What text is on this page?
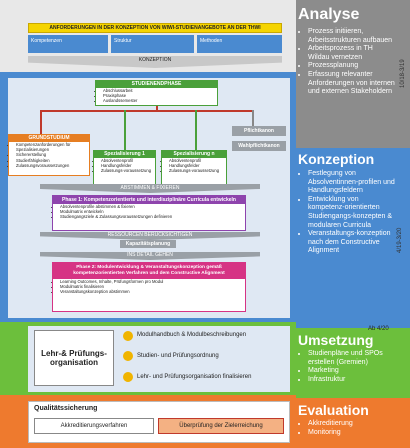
ANFORDERUNGEN IN DER KONZEPTION VON WIWI-STUDIENANGEBOTE AN DER THWI
Kompetenzen	Struktur	Methoden
KONZEPTION
STUDIENENDPHASE
• Abschlussarbeit
• Praxisphase
• Auslandssemester
GRUNDSTUDIUM
• Kompetenzanforderungen für Spezialisierungen
• Sichererstellung
• Studierfähigkeiten
• Zulassungsvoraussetzungen
Spezialisierung 1
• Absolventenprofil
• Handlungsfelder
• Zulassungs-voraussetzung
Spezialisierung n
• Absolventenprofil
• Handlungsfelder
• Zulassungs-voraussetzung
Pflichtkanon
Wahlpflichtkanon
ABSTIMMEN & FIXIEREN
Phase 1: Kompetenzorientierte und interdisziplinäre Curricula entwickeln
• Absolventenprofile abstimmen & fixieren
• Modulmatrix entwickeln
• Studiengangsziele & Zulassungsvoraussetzungen definieren
RESSOURCEN BERÜCKSICHTIGEN
Kapazitätsplanung
INS DETAIL GEHEN
Phase 2: Modulentwicklung & Veranstaltungskonzeption gemäß kompetenzorientierten Verfahren und dem Constructive Alignment
• Learning Outcomes, Inhalte, Prüfungsformen pro Modul
• Modulmatrix finalisieren
• Veranstaltungskonzeption abstimmen
Lehr-& Prüfungs-organisation
Modulhandbuch & Modulbeschreibungen
Studien- und Prüfungsordnung
Lehr- und Prüfungsorganisation finalisieren
Qualitätssicherung
Akkreditierungsverfahren	Überprüfung der Zielerreichung
Analyse
• Prozess initiieren, Arbeitsstrukturen aufbauen
• Arbeitsprozess in TH Wildau vernetzen
• Prozessplanung
• Erfassung relevanter Anforderungen von internen und externen Stakeholdern
10/18-3/19
Konzeption
• Festlegung von Absolventinnen-profilen und Handlungsfeldern
• Entwicklung von kompetenz-orientierten Studiengangs-konzepten & modularen Curricula
• Veranstaltungs-konzeption nach dem Constructive Alignment	4/19-3/20
Ab 4/20
Umsetzung
• Studienpläne und SPOs erstellen (Gremien)
• Marketing
• Infrastruktur
Evaluation
• Akkreditierung
• Monitoring
